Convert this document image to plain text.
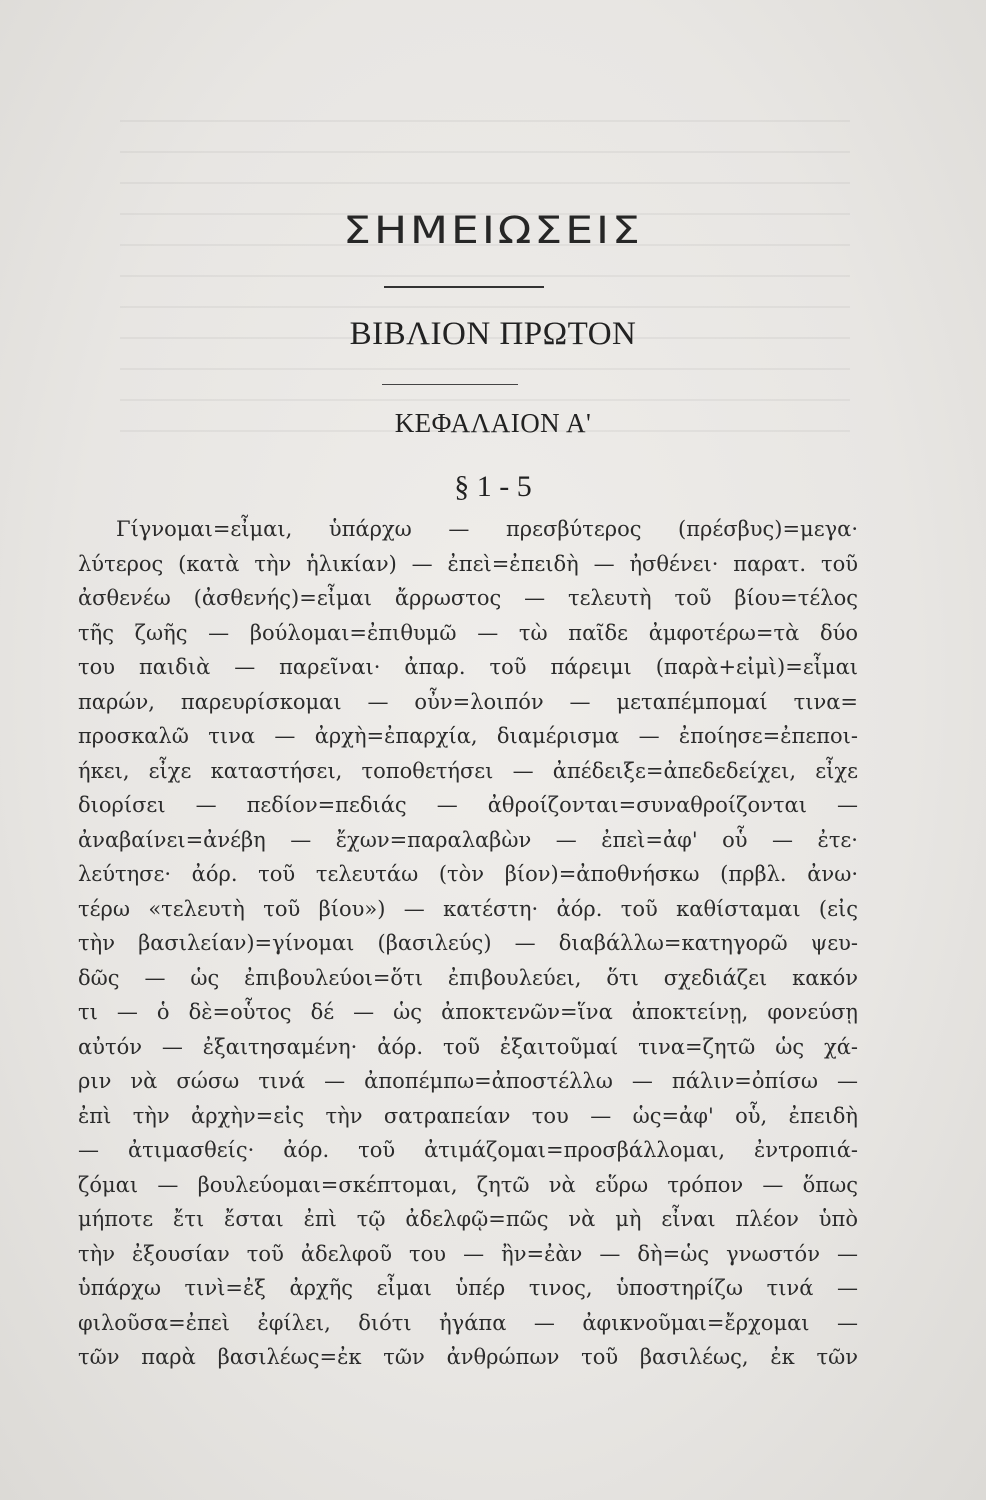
ΣΗΜΕΙΩΣΕΙΣ
ΒΙΒΛΙΟΝ ΠΡΩΤΟΝ
ΚΕΦΑΛΑΙΟΝ Α'
§ 1 - 5
Γίγνομαι=εἶμαι, ὑπάρχω — πρεσβύτερος (πρέσβυς)=μεγα·
λύτερος (κατὰ τὴν ἡλικίαν) — ἐπεὶ=ἐπειδὴ — ἠσθένει· παρατ. τοῦ
ἀσθενέω (ἀσθενής)=εἶμαι ἄρρωστος — τελευτὴ τοῦ βίου=τέλος
τῆς ζωῆς — βούλομαι=ἐπιθυμῶ — τὼ παῖδε ἀμφοτέρω=τὰ δύο
του παιδιὰ — παρεῖναι· ἀπαρ. τοῦ πάρειμι (παρὰ+εἰμὶ)=εἶμαι
παρών, παρευρίσκομαι — οὖν=λοιπόν — μεταπέμπομαί τινα=
προσκαλῶ τινα — ἀρχὴ=ἐπαρχία, διαμέρισμα — ἐποίησε=ἐπεποι-
ήκει, εἶχε καταστήσει, τοποθετήσει — ἀπέδειξε=ἀπεδεδείχει, εἶχε
διορίσει — πεδίον=πεδιάς — ἀθροίζονται=συναθροίζονται —
ἀναβαίνει=ἀνέβη — ἔχων=παραλαβὼν — ἐπεὶ=ἀφ' οὗ — ἐτε·
λεύτησε· ἀόρ. τοῦ τελευτάω (τὸν βίον)=ἀποθνήσκω (πρβλ. ἀνω·
τέρω «τελευτὴ τοῦ βίου») — κατέστη· ἀόρ. τοῦ καθίσταμαι (εἰς
τὴν βασιλείαν)=γίνομαι (βασιλεύς) — διαβάλλω=κατηγορῶ ψευ-
δῶς — ὡς ἐπιβουλεύοι=ὅτι ἐπιβουλεύει, ὅτι σχεδιάζει κακόν
τι — ὁ δὲ=οὗτος δέ — ὡς ἀποκτενῶν=ἵνα ἀποκτείνῃ, φονεύσῃ
αὐτόν — ἐξαιτησαμένη· ἀόρ. τοῦ ἐξαιτοῦμαί τινα=ζητῶ ὡς χά-
ριν νὰ σώσω τινά — ἀποπέμπω=ἀποστέλλω — πάλιν=ὀπίσω —
ἐπὶ τὴν ἀρχὴν=εἰς τὴν σατραπείαν του — ὡς=ἀφ' οὗ, ἐπειδὴ
— ἀτιμασθείς· ἀόρ. τοῦ ἀτιμάζομαι=προσβάλλομαι, ἐντροπιά-
ζόμαι — βουλεύομαι=σκέπτομαι, ζητῶ νὰ εὕρω τρόπον — ὅπως
μήποτε ἔτι ἔσται ἐπὶ τῷ ἀδελφῷ=πῶς νὰ μὴ εἶναι πλέον ὑπὸ
τὴν ἐξουσίαν τοῦ ἀδελφοῦ του — ἢν=ἐὰν — δὴ=ὡς γνωστόν —
ὑπάρχω τινὶ=ἐξ ἀρχῆς εἶμαι ὑπέρ τινος, ὑποστηρίζω τινά —
φιλοῦσα=ἐπεὶ ἐφίλει, διότι ἠγάπα — ἀφικνοῦμαι=ἔρχομαι —
τῶν παρὰ βασιλέως=ἐκ τῶν ἀνθρώπων τοῦ βασιλέως, ἐκ τῶν
